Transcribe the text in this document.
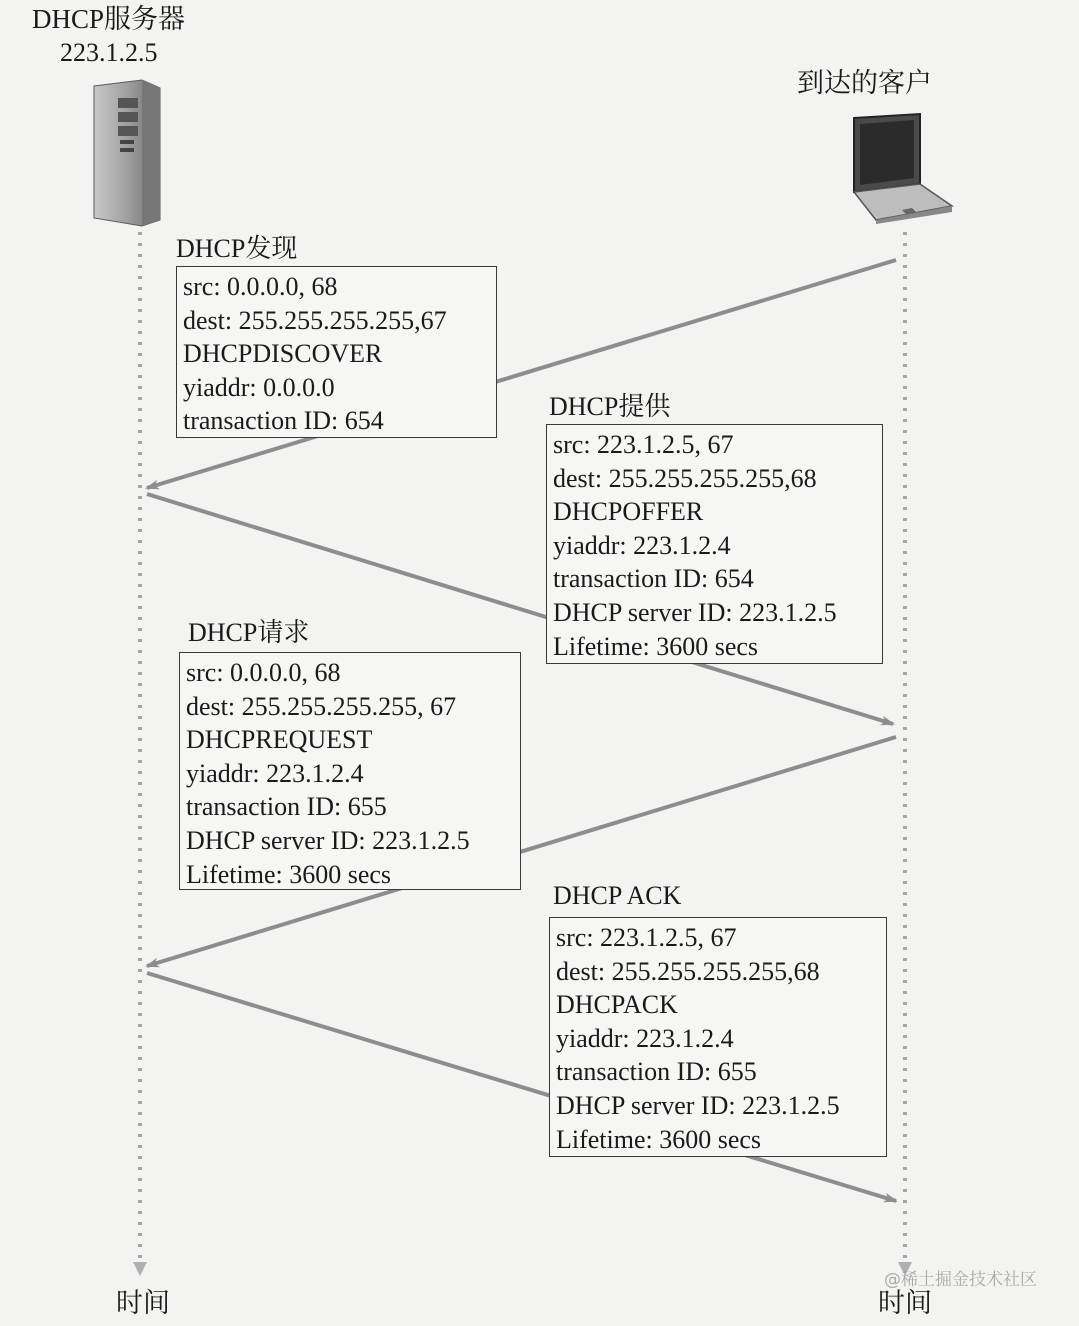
DHCP服务器
223.1.2.5
到达的客户
DHCP发现
src: 0.0.0.0, 68
dest: 255.255.255.255,67
DHCPDISCOVER
yiaddr: 0.0.0.0
transaction ID: 654	DHCP提供
src: 223.1.2.5, 67
dest: 255.255.255.255,68
DHCPOFFER
yiaddr: 223.1.2.4
transaction ID: 654
DHCP server ID: 223.1.2.5
Lifetime: 3600 secs
DHCP请求
src: 0.0.0.0, 68
dest: 255.255.255.255, 67
DHCPREQUEST
yiaddr: 223.1.2.4
transaction ID: 655
DHCP server ID: 223.1.2.5
Lifetime: 3600 secs
DHCP ACK
src: 223.1.2.5, 67
dest: 255.255.255.255,68
DHCPACK
yiaddr: 223.1.2.4
transaction ID: 655
DHCP server ID: 223.1.2.5
Lifetime: 3600 secs
@稀土掘金技术社区
时间	时间
